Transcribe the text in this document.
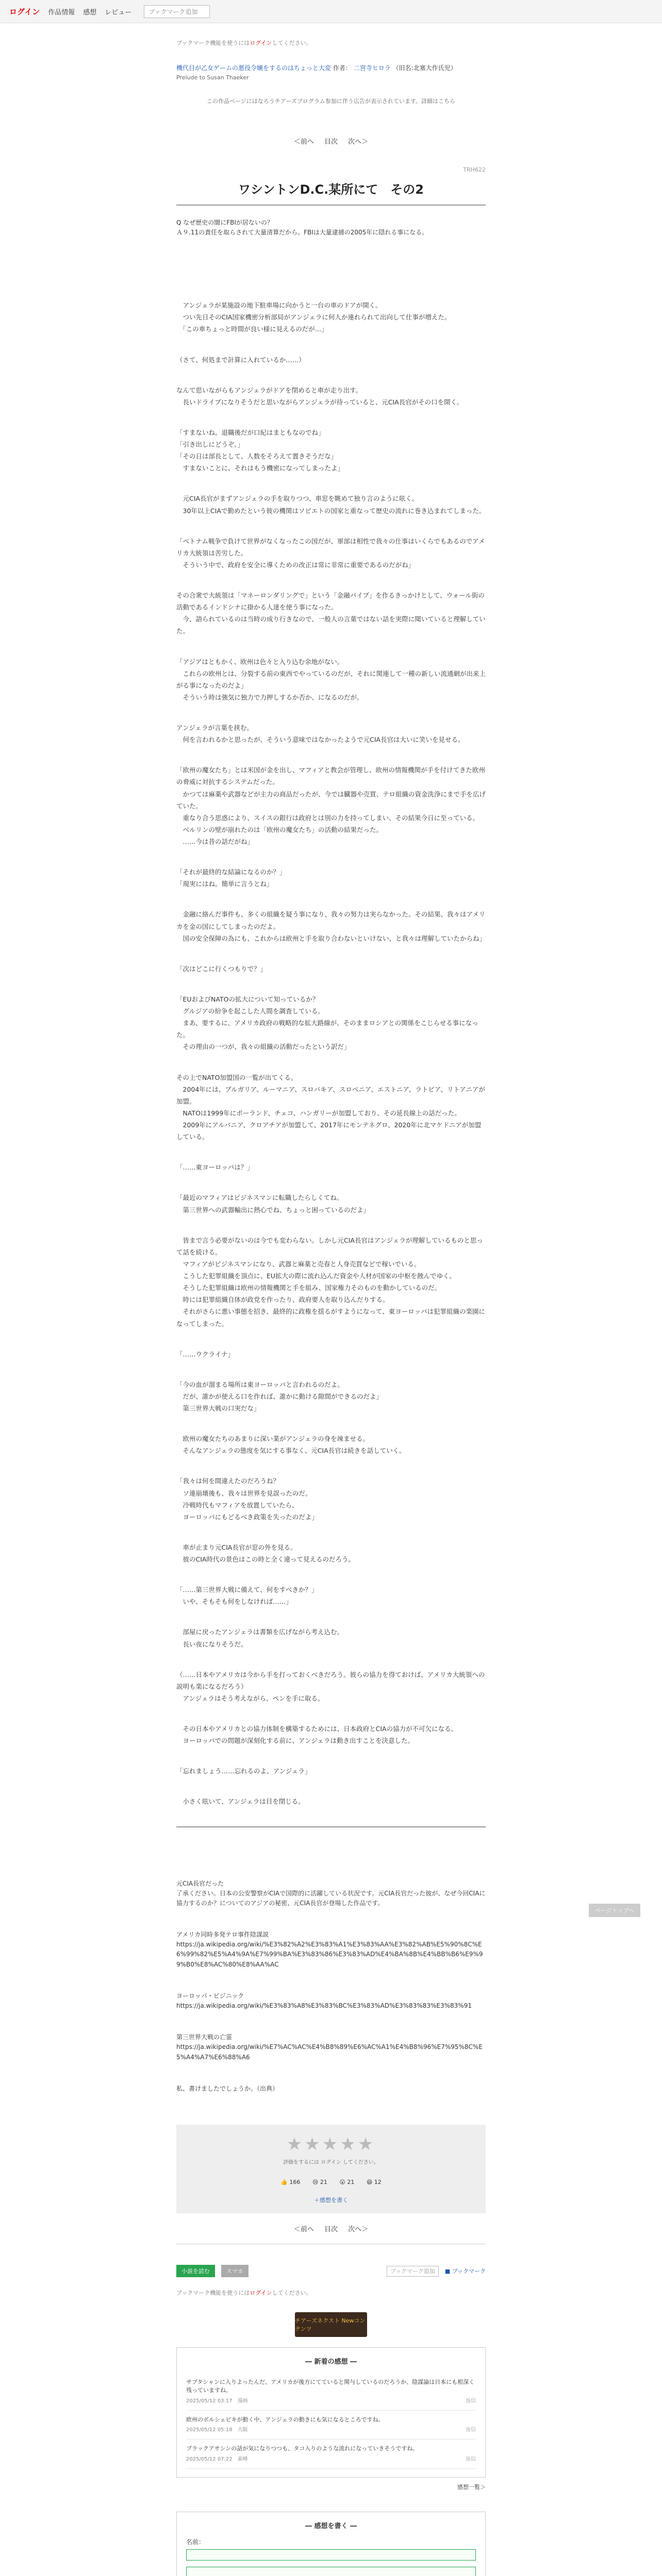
ログイン 作品情報 感想 レビュー	ブックマーク追加
ブックマーク機能を使うにはログインしてください。
機代目が乙女ゲームの悪役令嬢をするのはちょっと大変 作者： 二宮寺ヒロラ （旧名:北塞大作氏児）
Prelude to Susan Thaeker
この作品ページにはなろうチアーズプログラム参加に伴う広告が表示されています。詳細はこちら
＜前へ 目次 次へ＞
TRH622
ワシントンD.C.某所にて　その2
Q なぜ歴史の闇にFBIが居ないの？
Ａ９.11の責任を取らされて大量清算だから。FBIは大量逮捕の2005年に隠れる事になる。

　アンジェラが某施設の地下駐車場に向かうと一台の車のドアが開く。
　つい先日そのCIA国家機密分析部局がアンジェラに何人か連れられて出向して仕事が増えた。
　「この車ちょっと時間が良い様に見えるのだが…」

（さて、何処まで計算に入れているか……）

なんて思いながらもアンジェラがドアを閉めると車が走り出す。
　長いドライブになりそうだと思いながらアンジェラが待っていると、元CIA長官がその口を開く。

「すまないね。退職後だが口紀はまともなのでね」
「引き出しにどうぞ。」
「その日は部長として、人数をそろえて置きそうだな」
　すまないことに、それはもう機密になってしまったよ」

　元CIA長官がまずアンジェラの手を取りつつ、車窓を眺めて独り言のように呟く。
　30年以上CIAで勤めたという彼の機関はソビエトの国家と重なって歴史の流れに巻き込まれてしまった。

「ベトナム戦争で負けて世界がなくなったこの国だが、軍部は相性で我々の仕事はいくらでもあるのでアメリカ大統領は苦労した。
　そういう中で、政府を安全に導くための改正は常に非常に重要であるのだがね」

その合衆で大統領は「マネーロンダリングで」という「金融パイプ」を作るきっかけとして、ウォール街の活動であるインドシナに掛かる人達を使う事になった。
　今、語られているのは当時の成り行きなので、一般人の言葉ではない話を実際に聞いていると理解していた。

「アジアはともかく、欧州は色々と入り込む余地がない。
　これらの欧州とは、分裂する前の東西でやっているのだが、それに関連して一種の新しい流通網が出来上がる事になったのだよ」
　そういう時は強気に独力で力押しするか否か、になるのだが。

アンジェラが言葉を挟む。
　何を言われるかと思ったが、そういう意味ではなかったようで元CIA長官は大いに笑いを見せる。

「欧州の魔女たち」とは米国が金を出し、マフィアと教会が管理し、欧州の情報機関が手を付けてきた欧州の脅威に対抗するシステムだった。
　かつては麻薬や武器などが主力の商品だったが、今では臓器や売買、テロ組織の資金洗浄にまで手を広げていた。
　重なり合う思惑により、スイスの銀行は政府とは別の力を持ってしまい、その結果今日に至っている。
　ベルリンの壁が崩れたのは「欧州の魔女たち」の活動の結果だった。
　……今は昔の話だがね」

「それが最終的な結論になるのか？」
「現実にはね。簡単に言うとね」

　金融に絡んだ事件も、多くの組織を疑う事になり、我々の努力は実らなかった。その結果、我々はアメリカを金の国にしてしまったのだよ。
　国の安全保障の為にも、これからは欧州と手を取り合わないといけない、と我々は理解していたからね」

「次はどこに行くつもりで？」

「EUおよびNATOの拡大について知っているか？
　グルジアの紛争を起こした人間を調査している。
　まあ、要するに、アメリカ政府の戦略的な拡大路線が、そのままロシアとの関係をこじらせる事になった。
　その理由の一つが、我々の組織の活動だったという訳だ」

その上でNATO加盟国の一覧が出てくる。
　2004年には、ブルガリア、ルーマニア、スロバキア、スロベニア、エストニア、ラトビア、リトアニアが加盟。
　NATOは1999年にポーランド、チェコ、ハンガリーが加盟しており、その延長線上の話だった。
　2009年にアルバニア、クロアチアが加盟して、2017年にモンテネグロ、2020年に北マケドニアが加盟している。

「……東ヨーロッパは？」

「最近のマフィアはピジネスマンに転職したらしくてね。
　第三世界への武器輸出に熱心でね、ちょっと困っているのだよ」

　皆まで言う必要がないのは今でも変わらない。しかし元CIA長官はアンジェラが理解しているものと思って話を続ける。
　マフィアがビジネスマンになり、武器と麻薬と売春と人身売買などで稼いでいる。
　こうした犯罪組織を頂点に、EU拡大の際に流れ込んだ資金や人材が国家の中枢を蝕んでゆく。
　そうした犯罪組織は欧州の情報機関と手を組み、国家権力そのものを動かしているのだ。
　時には犯罪組織自体が政党を作ったり、政府要人を取り込んだりする。
　それがさらに悪い事態を招き、最終的に政権を揺るがすようになって、東ヨーロッパは犯罪組織の楽園になってしまった。

「……ウクライナ」

「今の血が溜まる場所は東ヨーロッパと言われるのだよ。
　だが、誰かが使える口を作れば、誰かに動ける隙間ができるのだよ」
　第三世界大戦の口実だな」

　欧州の魔女たちのあまりに深い業がアンジェラの身を竦ませる。
　そんなアンジェラの態度を気にする事なく、元CIA長官は続きを話していく。

「我々は何を間違えたのだろうね？
　ソ連崩壊後も、我々は世界を見誤ったのだ。
　冷戦時代もマフィアを放置していたら、
　ヨーロッパにもどるべき政策を失ったのだよ」

　車が止まり元CIA長官が窓の外を見る。
　彼のCIA時代の景色はこの時と全く違って見えるのだろう。

「……第三世界大戦に備えて、何をすべきか？」
　いや、そもそも何をしなければ……」

　部屋に戻ったアンジェラは書類を広げながら考え込む。
　長い夜になりそうだ。

（……日本やアメリカは今から手を打っておくべきだろう。彼らの協力を得ておけば、アメリカ大統領への説明も楽になるだろう）
　アンジェラはそう考えながら、ペンを手に取る。

　その日本やアメリカとの協力体制を構築するためには、日本政府とCIAの協力が不可欠になる。
　ヨーロッパでの問題が深刻化する前に、アンジェラは動き出すことを決意した。

「忘れましょう……忘れるのよ、アンジェラ」

　小さく呟いて、アンジェラは目を閉じる。

ページトップへ

元CIA長官だった
了承ください。日本の公安警察がCIAで国際的に活躍している状況です。元CIA長官だった彼が、なぜ今回CIAに協力するのか？についてのアジアの秘密、元CIA長官が登場した作品です。

アメリカ同時多発テロ事件陰謀説
https://ja.wikipedia.org/wiki/%E3%82%A2%E3%83%A1%E3%83%AA%E3%82%AB%E5%90%8C%E6%99%82%E5%A4%9A%E7%99%BA%E3%83%86%E3%83%AD%E4%BA%8B%E4%BB%B6%E9%99%B0%E8%AC%80%E8%AA%AC

ヨーロッパ・ビジニック
https://ja.wikipedia.org/wiki/%E3%83%A8%E3%83%BC%E3%83%AD%E3%83%83%E3%83%91

第三世界大戦の亡霊
https://ja.wikipedia.org/wiki/%E7%AC%AC%E4%B8%89%E6%AC%A1%E4%B8%96%E7%95%8C%E5%A4%A7%E6%88%A6

私、書けましたでしょうか。（出典）

★★★★★
評価をするには ログイン してください。
👍 166 😢 21 😮 21 😄 12
＋感想を書く
＜前へ 目次 次へ＞
小説を読む	スマホ	ブックマーク追加	■ ブックマーク
ブックマーク機能を使うにはログインしてください。
チアーズネクスト Newコンテンツ
― 新着の感想 ―
サブタシャンに入りよったんだ、アメリカが後方にてていると関与しているのだろうか、陰謀論は日本にも根深く残っていますね。
2025/05/12 03:17　漫画	返信
欧州のボルシェビキが動く中、アンジェラの動きにも気になるところですね。
2025/05/12 05:18　大阪	返信
ブラックアサシンの話が気になりつつも、タコ入りのような流れになっていきそうですね。
2025/05/12 07:22　東峰	返信
感想一覧＞
― 感想を書く ―
名前：
